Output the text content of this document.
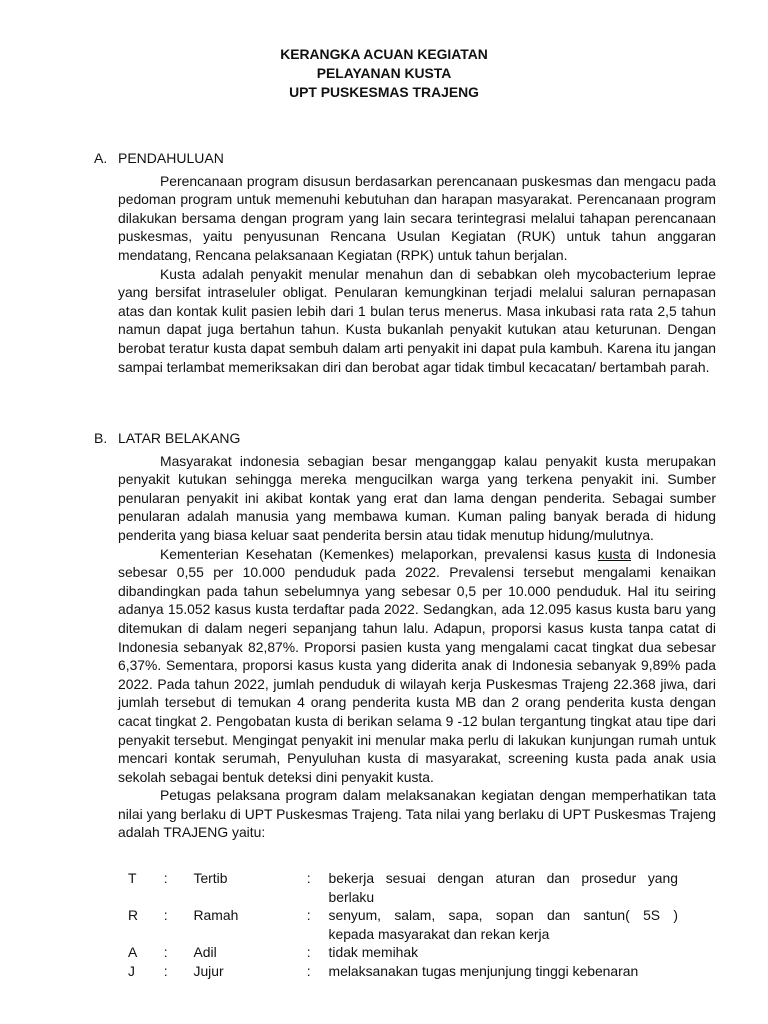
KERANGKA ACUAN KEGIATAN
PELAYANAN KUSTA
UPT PUSKESMAS TRAJENG
A. PENDAHULUAN

Perencanaan program disusun berdasarkan perencanaan puskesmas dan mengacu pada pedoman program untuk memenuhi kebutuhan dan harapan masyarakat. Perencanaan program dilakukan bersama dengan program yang lain secara terintegrasi melalui tahapan perencanaan puskesmas, yaitu penyusunan Rencana Usulan Kegiatan (RUK) untuk tahun anggaran mendatang, Rencana pelaksanaan Kegiatan (RPK) untuk tahun berjalan.

Kusta adalah penyakit menular menahun dan di sebabkan oleh mycobacterium leprae yang bersifat intraseluler obligat. Penularan kemungkinan terjadi melalui saluran pernapasan atas dan kontak kulit pasien lebih dari 1 bulan terus menerus. Masa inkubasi rata rata 2,5 tahun namun dapat juga bertahun tahun. Kusta bukanlah penyakit kutukan atau keturunan. Dengan berobat teratur kusta dapat sembuh dalam arti penyakit ini dapat pula kambuh. Karena itu jangan sampai terlambat memeriksakan diri dan berobat agar tidak timbul kecacatan/ bertambah parah.

B. LATAR BELAKANG

Masyarakat indonesia sebagian besar menganggap kalau penyakit kusta merupakan penyakit kutukan sehingga mereka mengucilkan warga yang terkena penyakit ini. Sumber penularan penyakit ini akibat kontak yang erat dan lama dengan penderita. Sebagai sumber penularan adalah manusia yang membawa kuman. Kuman paling banyak berada di hidung penderita yang biasa keluar saat penderita bersin atau tidak menutup hidung/mulutnya.

Kementerian Kesehatan (Kemenkes) melaporkan, prevalensi kasus kusta di Indonesia sebesar 0,55 per 10.000 penduduk pada 2022. Prevalensi tersebut mengalami kenaikan dibandingkan pada tahun sebelumnya yang sebesar 0,5 per 10.000 penduduk. Hal itu seiring adanya 15.052 kasus kusta terdaftar pada 2022. Sedangkan, ada 12.095 kasus kusta baru yang ditemukan di dalam negeri sepanjang tahun lalu. Adapun, proporsi kasus kusta tanpa catat di Indonesia sebanyak 82,87%. Proporsi pasien kusta yang mengalami cacat tingkat dua sebesar 6,37%. Sementara, proporsi kasus kusta yang diderita anak di Indonesia sebanyak 9,89% pada 2022. Pada tahun 2022, jumlah penduduk di wilayah kerja Puskesmas Trajeng 22.368 jiwa, dari jumlah tersebut di temukan 4 orang penderita kusta MB dan 2 orang penderita kusta dengan cacat tingkat 2. Pengobatan kusta di berikan selama 9 -12 bulan tergantung tingkat atau tipe dari penyakit tersebut. Mengingat penyakit ini menular maka perlu di lakukan kunjungan rumah untuk mencari kontak serumah, Penyuluhan kusta di masyarakat, screening kusta pada anak usia sekolah sebagai bentuk deteksi dini penyakit kusta.

Petugas pelaksana program dalam melaksanakan kegiatan dengan memperhatikan tata nilai yang berlaku di UPT Puskesmas Trajeng. Tata nilai yang berlaku di UPT Puskesmas Trajeng adalah TRAJENG yaitu:

T	:	Tertib	:	bekerja sesuai dengan aturan dan prosedur yang
berlaku
R	:	Ramah	:	senyum, salam, sapa, sopan dan santun( 5S )
kepada masyarakat dan rekan kerja
A	:	Adil	:	tidak memihak
J	:	Jujur	:	melaksanakan tugas menjunjung tinggi kebenaran
